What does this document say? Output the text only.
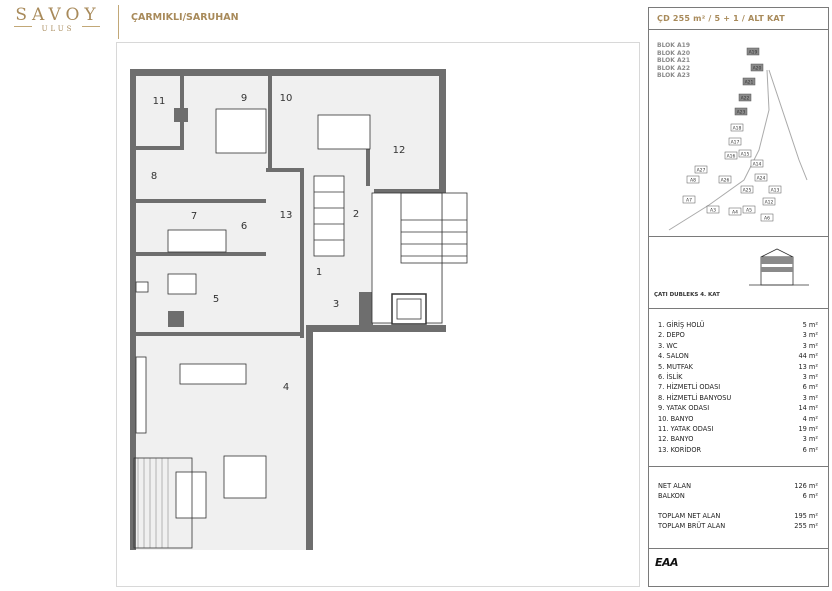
SAVOY
ULUS
ÇARMIKLI/SARUHAN
1
2
3
4
5
6
7
8
9	10
11
12
13
ÇD 255 m² / 5 + 1 / ALT KAT
BLOK A19
BLOK A20
BLOK A21
BLOK A22
BLOK A23
A19
A20
A21
A22
A23
A18
A17
A16 A15
A14
A24
A25
A26
A27
A8
A7
A3	A4 A5
A6
A12
A13
ÇATI DUBLEKS 4. KAT
1. GİRİŞ HOLÜ	5 m²
2. DEPO	3 m²
3. WC	3 m²
4. SALON	44 m²
5. MUTFAK	13 m²
6. İSLİK	3 m²
7. HİZMETLİ ODASI	6 m²
8. HİZMETLİ BANYOSU	3 m²
9. YATAK ODASI	14 m²
10. BANYO	4 m²
11. YATAK ODASI	19 m²
12. BANYO	3 m²
13. KORİDOR	6 m²
NET ALAN	126 m²
BALKON	6 m²
TOPLAM NET ALAN	195 m²
TOPLAM BRÜT ALAN	255 m²
EAA
